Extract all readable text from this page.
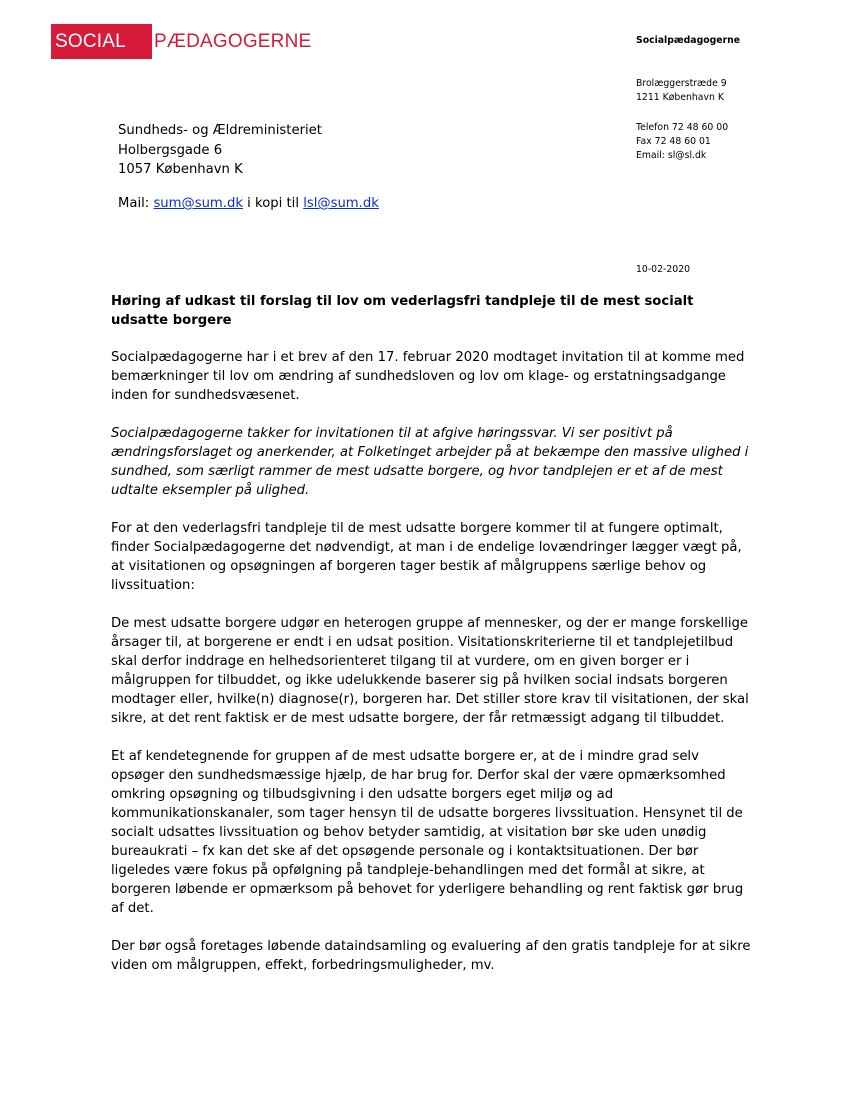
SOCIAL	PÆDAGOGERNE	Socialpædagogerne
Brolæggerstræde 9
1211 København K
Telefon 72 48 60 00
Fax 72 48 60 01
Email: sl@sl.dk
Sundheds- og Ældreministeriet
Holbergsgade 6
1057 København K
Mail: sum@sum.dk i kopi til lsl@sum.dk
10-02-2020
Høring af udkast til forslag til lov om vederlagsfri tandpleje til de mest socialt udsatte borgere

Socialpædagogerne har i et brev af den 17. februar 2020 modtaget invitation til at komme med bemærkninger til lov om ændring af sundhedsloven og lov om klage- og erstatningsadgange inden for sundhedsvæsenet.

Socialpædagogerne takker for invitationen til at afgive høringssvar. Vi ser positivt på ændringsforslaget og anerkender, at Folketinget arbejder på at bekæmpe den massive ulighed i sundhed, som særligt rammer de mest udsatte borgere, og hvor tandplejen er et af de mest udtalte eksempler på ulighed.

For at den vederlagsfri tandpleje til de mest udsatte borgere kommer til at fungere optimalt, finder Socialpædagogerne det nødvendigt, at man i de endelige lovændringer lægger vægt på, at visitationen og opsøgningen af borgeren tager bestik af målgruppens særlige behov og livssituation:

De mest udsatte borgere udgør en heterogen gruppe af mennesker, og der er mange forskellige årsager til, at borgerene er endt i en udsat position. Visitationskriterierne til et tandplejetilbud skal derfor inddrage en helhedsorienteret tilgang til at vurdere, om en given borger er i målgruppen for tilbuddet, og ikke udelukkende baserer sig på hvilken social indsats borgeren modtager eller, hvilke(n) diagnose(r), borgeren har. Det stiller store krav til visitationen, der skal sikre, at det rent faktisk er de mest udsatte borgere, der får retmæssigt adgang til tilbuddet.

Et af kendetegnende for gruppen af de mest udsatte borgere er, at de i mindre grad selv opsøger den sundhedsmæssige hjælp, de har brug for. Derfor skal der være opmærksomhed omkring opsøgning og tilbudsgivning i den udsatte borgers eget miljø og ad kommunikationskanaler, som tager hensyn til de udsatte borgeres livssituation. Hensynet til de socialt udsattes livssituation og behov betyder samtidig, at visitation bør ske uden unødig bureaukrati – fx kan det ske af det opsøgende personale og i kontaktsituationen. Der bør ligeledes være fokus på opfølgning på tandpleje-behandlingen med det formål at sikre, at borgeren løbende er opmærksom på behovet for yderligere behandling og rent faktisk gør brug af det.

Der bør også foretages løbende dataindsamling og evaluering af den gratis tandpleje for at sikre viden om målgruppen, effekt, forbedringsmuligheder, mv.
